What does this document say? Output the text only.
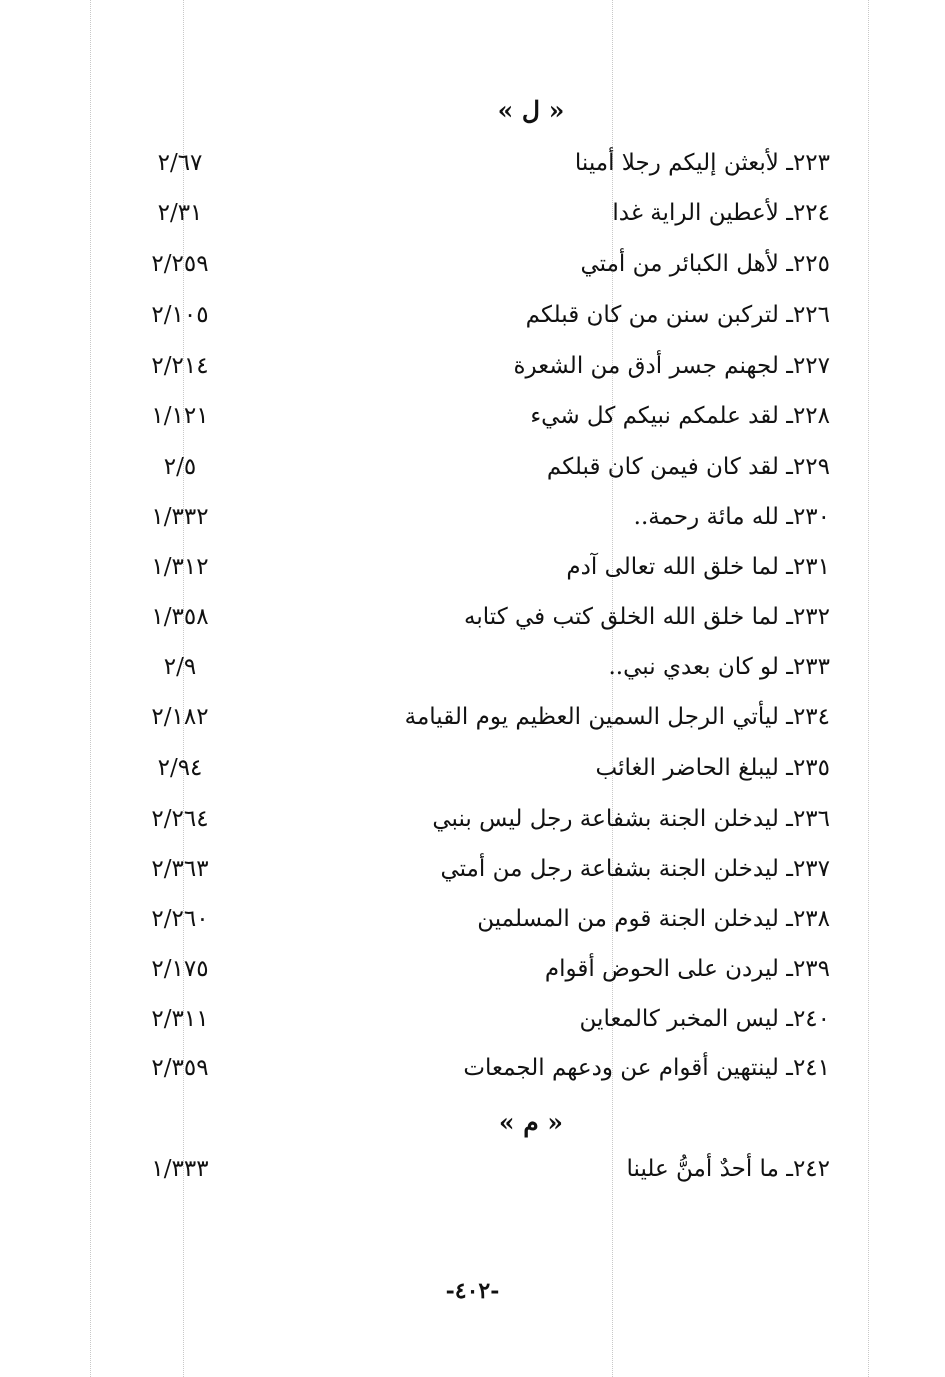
« ل »
٢٢٣ـ لأبعثن إليكم رجلا أمينا
٢/٦٧
٢٢٤ـ لأعطين الراية غدا
٢/٣١
٢٢٥ـ لأهل الكبائر من أمتي
٢/٢٥٩
٢٢٦ـ لتركبن سنن من كان قبلكم
٢/١٠٥
٢٢٧ـ لجهنم جسر أدق من الشعرة
٢/٢١٤
٢٢٨ـ لقد علمكم نبيكم كل شيء
١/١٢١
٢٢٩ـ لقد كان فيمن كان قبلكم
٢/٥
٢٣٠ـ لله مائة رحمة..
١/٣٣٢
٢٣١ـ لما خلق الله تعالى آدم
١/٣١٢
٢٣٢ـ لما خلق الله الخلق كتب في كتابه
١/٣٥٨
٢٣٣ـ لو كان بعدي نبي..
٢/٩
٢٣٤ـ ليأتي الرجل السمين العظيم يوم القيامة
٢/١٨٢
٢٣٥ـ ليبلغ الحاضر الغائب
٢/٩٤
٢٣٦ـ ليدخلن الجنة بشفاعة رجل ليس بنبي
٢/٢٦٤
٢٣٧ـ ليدخلن الجنة بشفاعة رجل من أمتي
٢/٣٦٣
٢٣٨ـ ليدخلن الجنة قوم من المسلمين
٢/٢٦٠
٢٣٩ـ ليردن على الحوض أقوام
٢/١٧٥
٢٤٠ـ ليس المخبر كالمعاين
٢/٣١١
٢٤١ـ لينتهين أقوام عن ودعهم الجمعات
٢/٣٥٩
« م »
٢٤٢ـ ما أحدٌ أمنُّ علينا
١/٣٣٣
-٤٠٢-
